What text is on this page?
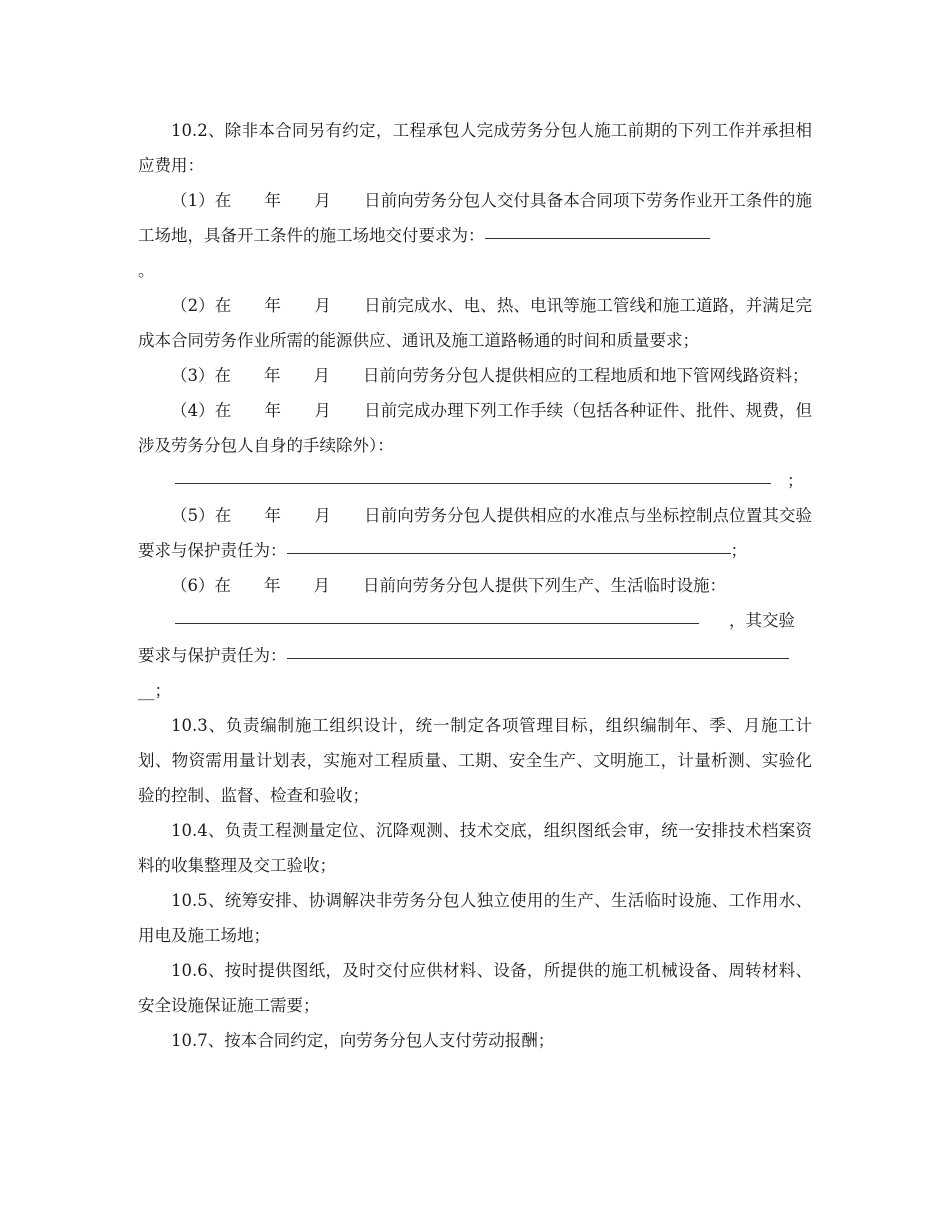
10.2、除非本合同另有约定，工程承包人完成劳务分包人施工前期的下列工作并承担相应费用：

（1）在　　年　　月　　日前向劳务分包人交付具备本合同项下劳务作业开工条件的施工场地，具备开工条件的施工场地交付要求为：

。

（2）在　　年　　月　　日前完成水、电、热、电讯等施工管线和施工道路，并满足完成本合同劳务作业所需的能源供应、通讯及施工道路畅通的时间和质量要求；

（3）在　　年　　月　　日前向劳务分包人提供相应的工程地质和地下管网线路资料；

（4）在　　年　　月　　日前完成办理下列工作手续（包括各种证件、批件、规费，但涉及劳务分包人自身的手续除外）：

；

（5）在　　年　　月　　日前向劳务分包人提供相应的水准点与坐标控制点位置其交验要求与保护责任为：	；

（6）在　　年　　月　　日前向劳务分包人提供下列生产、生活临时设施：

，其交验

要求与保护责任为：

__；

10.3、负责编制施工组织设计，统一制定各项管理目标，组织编制年、季、月施工计划、物资需用量计划表，实施对工程质量、工期、安全生产、文明施工，计量析测、实验化验的控制、监督、检查和验收；

10.4、负责工程测量定位、沉降观测、技术交底，组织图纸会审，统一安排技术档案资料的收集整理及交工验收；

10.5、统筹安排、协调解决非劳务分包人独立使用的生产、生活临时设施、工作用水、用电及施工场地；

10.6、按时提供图纸，及时交付应供材料、设备，所提供的施工机械设备、周转材料、安全设施保证施工需要；

10.7、按本合同约定，向劳务分包人支付劳动报酬；
